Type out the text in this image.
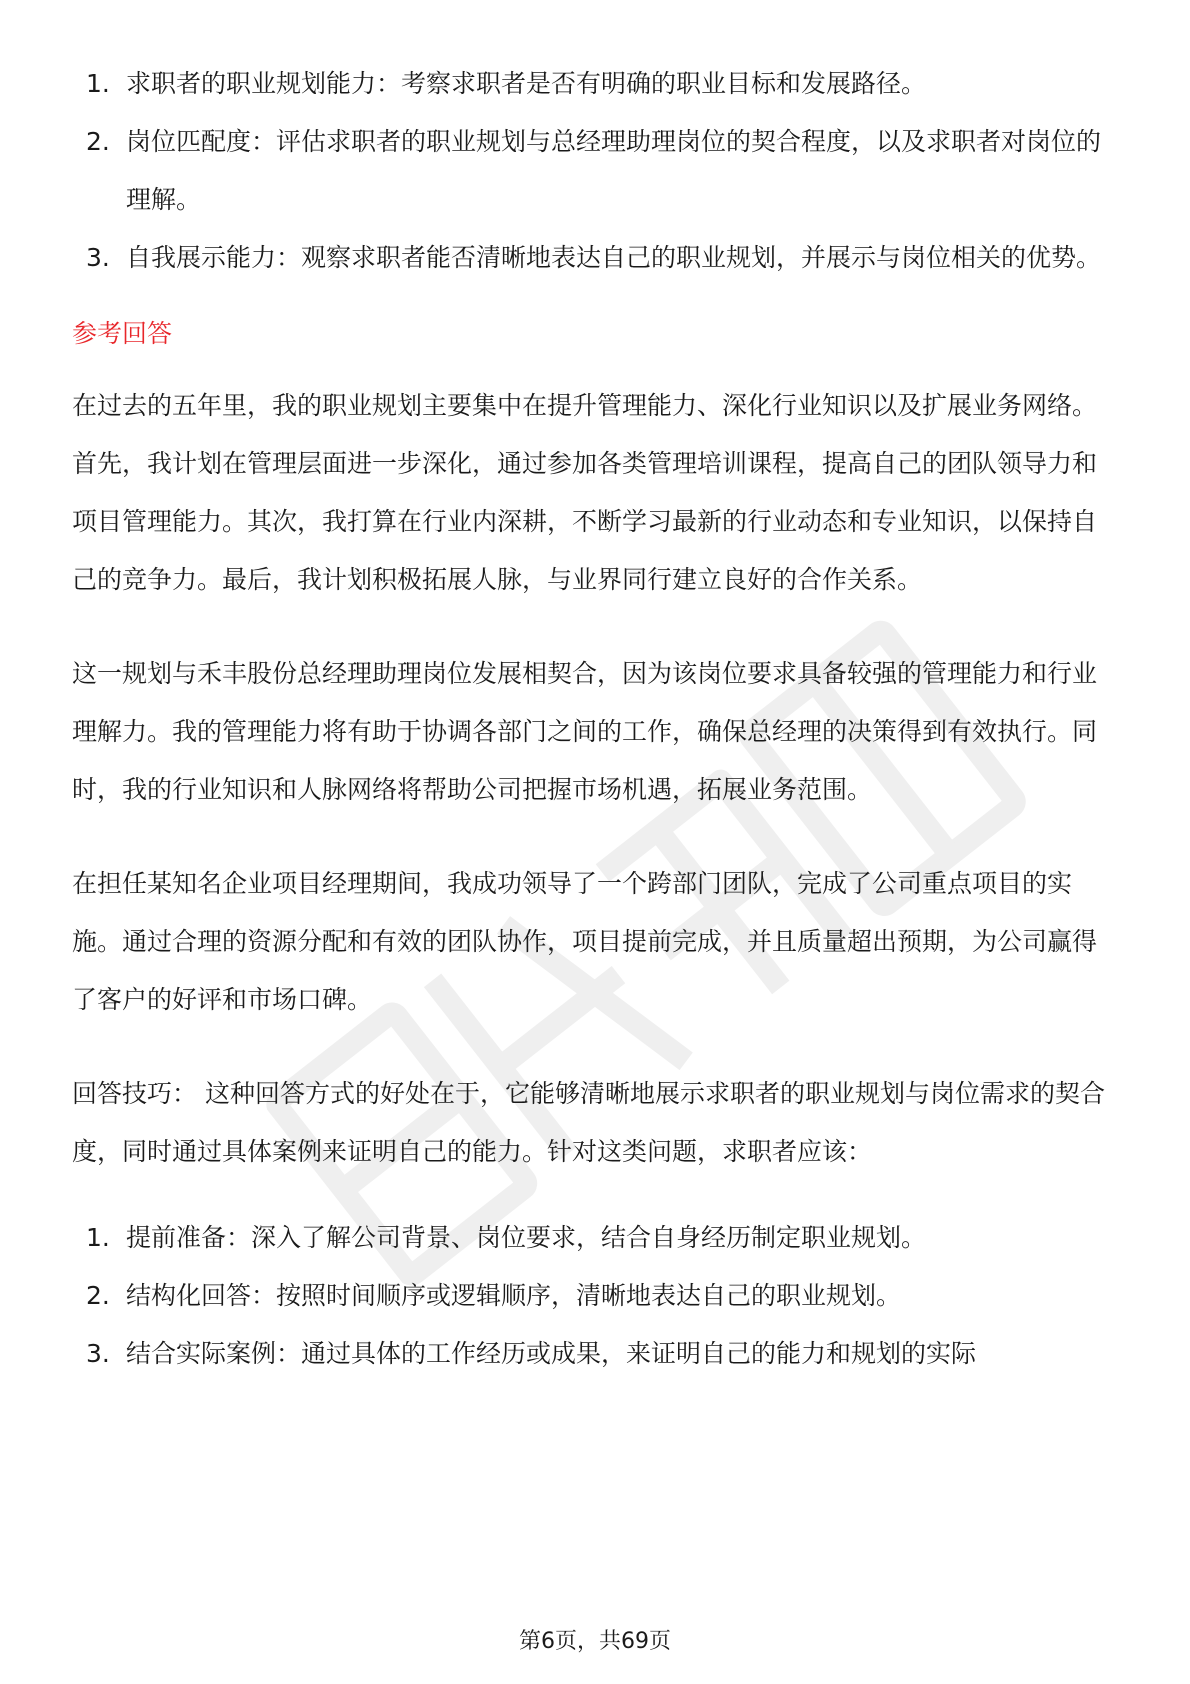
1. 求职者的职业规划能力：考察求职者是否有明确的职业目标和发展路径。
2. 岗位匹配度：评估求职者的职业规划与总经理助理岗位的契合程度，以及求职者对岗位的理解。
3. 自我展示能力：观察求职者能否清晰地表达自己的职业规划，并展示与岗位相关的优势。
参考回答

在过去的五年里，我的职业规划主要集中在提升管理能力、深化行业知识以及扩展业务网络。首先，我计划在管理层面进一步深化，通过参加各类管理培训课程，提高自己的团队领导力和项目管理能力。其次，我打算在行业内深耕，不断学习最新的行业动态和专业知识，以保持自己的竞争力。最后，我计划积极拓展人脉，与业界同行建立良好的合作关系。

这一规划与禾丰股份总经理助理岗位发展相契合，因为该岗位要求具备较强的管理能力和行业理解力。我的管理能力将有助于协调各部门之间的工作，确保总经理的决策得到有效执行。同时，我的行业知识和人脉网络将帮助公司把握市场机遇，拓展业务范围。

在担任某知名企业项目经理期间，我成功领导了一个跨部门团队，完成了公司重点项目的实施。通过合理的资源分配和有效的团队协作，项目提前完成，并且质量超出预期，为公司赢得了客户的好评和市场口碑。

回答技巧： 这种回答方式的好处在于，它能够清晰地展示求职者的职业规划与岗位需求的契合度，同时通过具体案例来证明自己的能力。针对这类问题，求职者应该：

1. 提前准备：深入了解公司背景、岗位要求，结合自身经历制定职业规划。
2. 结构化回答：按照时间顺序或逻辑顺序，清晰地表达自己的职业规划。
3. 结合实际案例：通过具体的工作经历或成果，来证明自己的能力和规划的实际
第6页，共69页
